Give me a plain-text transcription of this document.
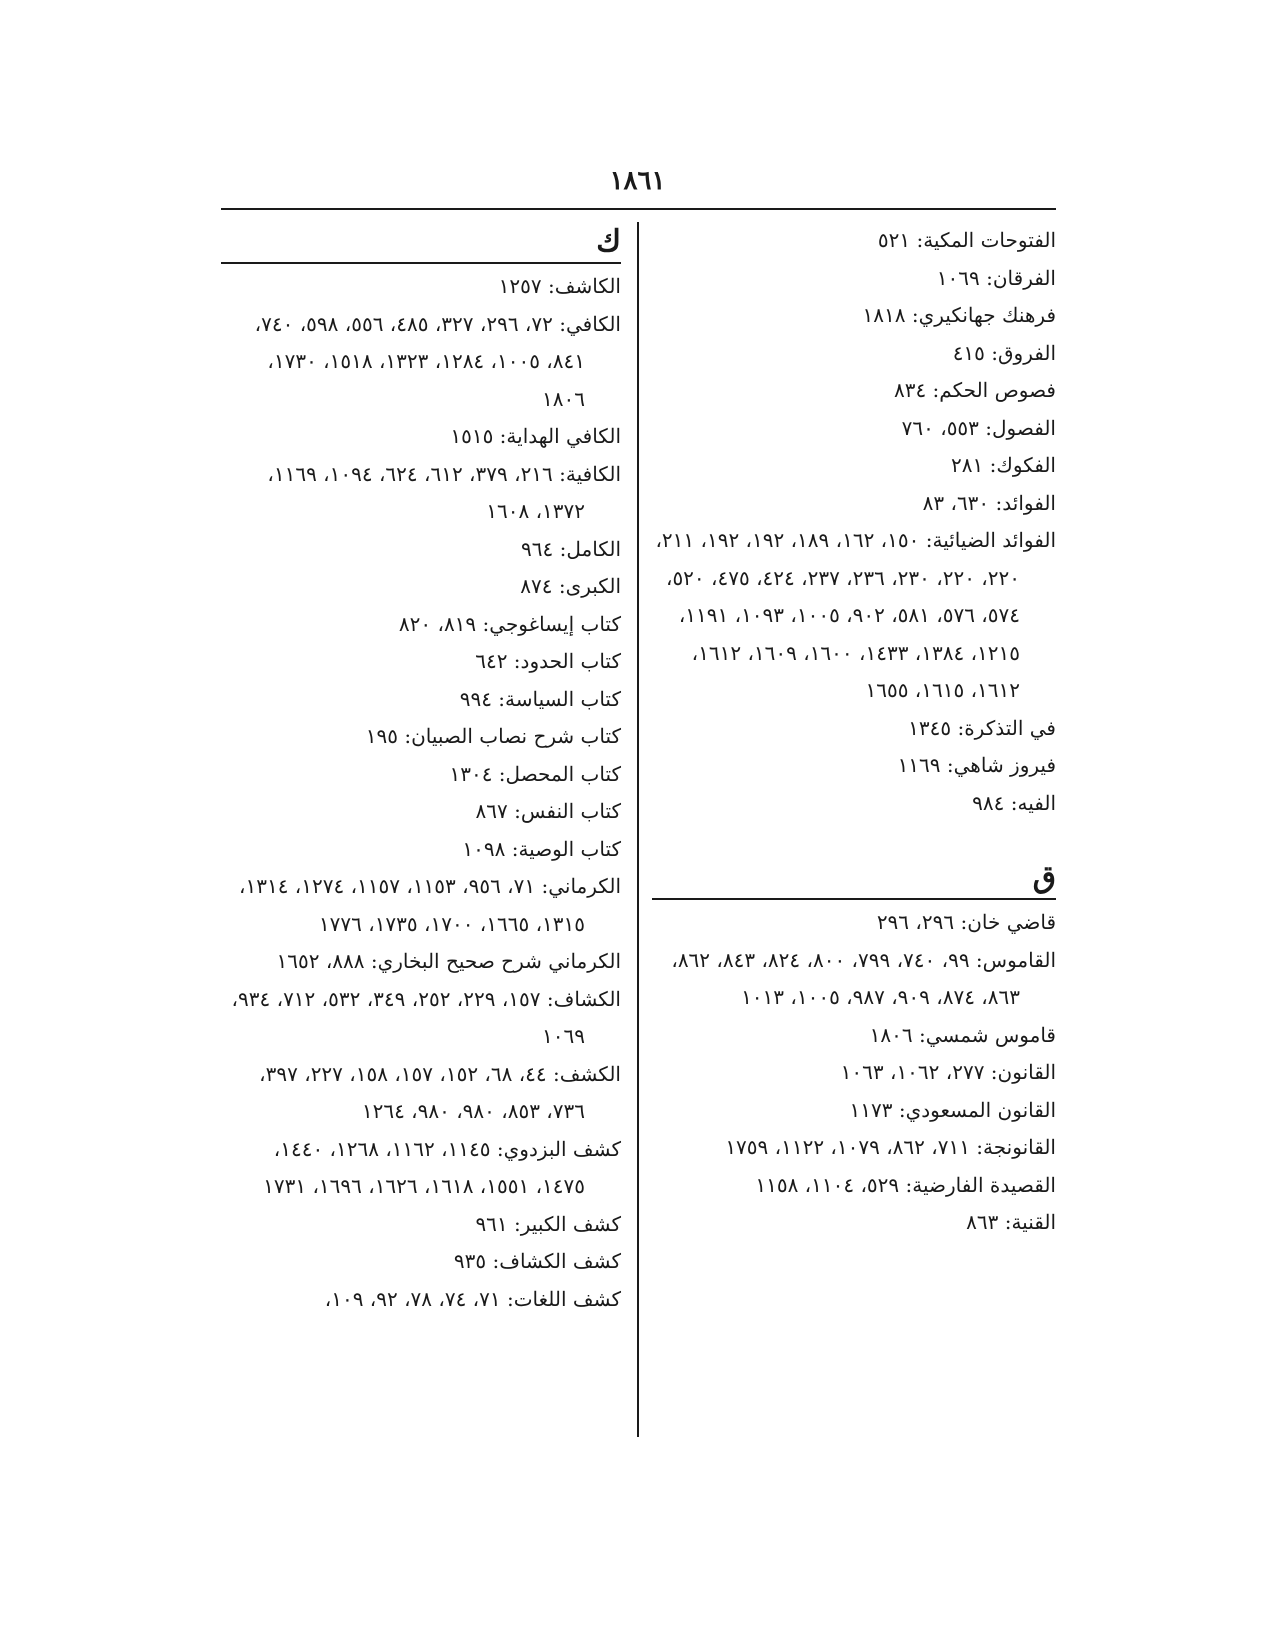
١٨٦١
ك
الكاشف: ١٢٥٧
الكافي: ٧٢، ٢٩٦، ٣٢٧، ٤٨٥، ٥٥٦، ٥٩٨، ٧٤٠، ٨٤١، ١٠٠٥، ١٢٨٤، ١٣٢٣، ١٥١٨، ١٧٣٠، ١٨٠٦
الكافي الهداية: ١٥١٥
الكافية: ٢١٦، ٣٧٩، ٦١٢، ٦٢٤، ١٠٩٤، ١١٦٩، ١٣٧٢، ١٦٠٨
الكامل: ٩٦٤
الكبرى: ٨٧٤
كتاب إيساغوجي: ٨١٩، ٨٢٠
كتاب الحدود: ٦٤٢
كتاب السياسة: ٩٩٤
كتاب شرح نصاب الصبيان: ١٩٥
كتاب المحصل: ١٣٠٤
كتاب النفس: ٨٦٧
كتاب الوصية: ١٠٩٨
الكرماني: ٧١، ٩٥٦، ١١٥٣، ١١٥٧، ١٢٧٤، ١٣١٤، ١٣١٥، ١٦٦٥، ١٧٠٠، ١٧٣٥، ١٧٧٦
الكرماني شرح صحيح البخاري: ٨٨٨، ١٦٥٢
الكشاف: ١٥٧، ٢٢٩، ٢٥٢، ٣٤٩، ٥٣٢، ٧١٢، ٩٣٤، ١٠٦٩
الكشف: ٤٤، ٦٨، ١٥٢، ١٥٧، ١٥٨، ٢٢٧، ٣٩٧، ٧٣٦، ٨٥٣، ٩٨٠، ٩٨٠، ١٢٦٤
كشف البزدوي: ١١٤٥، ١١٦٢، ١٢٦٨، ١٤٤٠، ١٤٧٥، ١٥٥١، ١٦١٨، ١٦٢٦، ١٦٩٦، ١٧٣١
كشف الكبير: ٩٦١
كشف الكشاف: ٩٣٥
كشف اللغات: ٧١، ٧٤، ٧٨، ٩٢، ١٠٩،
الفتوحات المكية: ٥٢١
الفرقان: ١٠٦٩
فرهنك جهانكيري: ١٨١٨
الفروق: ٤١٥
فصوص الحكم: ٨٣٤
الفصول: ٥٥٣، ٧٦٠
الفكوك: ٢٨١
الفوائد: ٦٣٠، ٨٣
الفوائد الضيائية: ١٥٠، ١٦٢، ١٨٩، ١٩٢، ١٩٢، ٢١١، ٢٢٠، ٢٢٠، ٢٣٠، ٢٣٦، ٢٣٧، ٤٢٤، ٤٧٥، ٥٢٠، ٥٧٤، ٥٧٦، ٥٨١، ٩٠٢، ١٠٠٥، ١٠٩٣، ١١٩١، ١٢١٥، ١٣٨٤، ١٤٣٣، ١٦٠٠، ١٦٠٩، ١٦١٢، ١٦١٢، ١٦١٥، ١٦٥٥
في التذكرة: ١٣٤٥
فيروز شاهي: ١١٦٩
الفيه: ٩٨٤
ق
قاضي خان: ٢٩٦، ٢٩٦
القاموس: ٩٩، ٧٤٠، ٧٩٩، ٨٠٠، ٨٢٤، ٨٤٣، ٨٦٢، ٨٦٣، ٨٧٤، ٩٠٩، ٩٨٧، ١٠٠٥، ١٠١٣
قاموس شمسي: ١٨٠٦
القانون: ٢٧٧، ١٠٦٢، ١٠٦٣
القانون المسعودي: ١١٧٣
القانونجة: ٧١١، ٨٦٢، ١٠٧٩، ١١٢٢، ١٧٥٩
القصيدة الفارضية: ٥٢٩، ١١٠٤، ١١٥٨
القنية: ٨٦٣
